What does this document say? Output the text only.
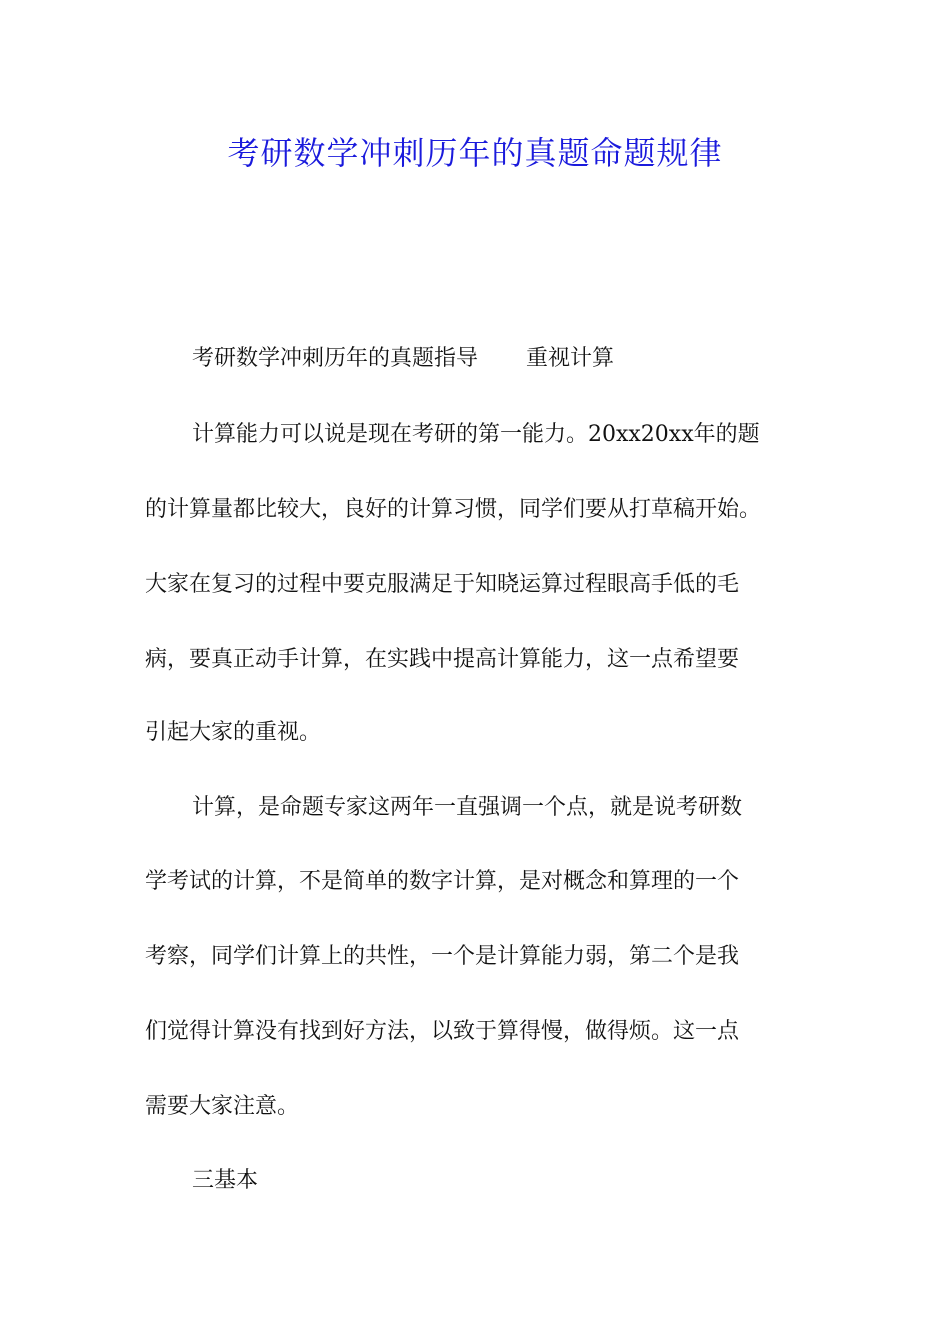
考研数学冲刺历年的真题命题规律

考研数学冲刺历年的真题指导 重视计算

计算能力可以说是现在考研的第一能力。20xx20xx年的题

的计算量都比较大，良好的计算习惯，同学们要从打草稿开始。

大家在复习的过程中要克服满足于知晓运算过程眼高手低的毛

病，要真正动手计算，在实践中提高计算能力，这一点希望要

引起大家的重视。

计算，是命题专家这两年一直强调一个点，就是说考研数

学考试的计算，不是简单的数字计算，是对概念和算理的一个

考察，同学们计算上的共性，一个是计算能力弱，第二个是我

们觉得计算没有找到好方法，以致于算得慢，做得烦。这一点

需要大家注意。

三基本
